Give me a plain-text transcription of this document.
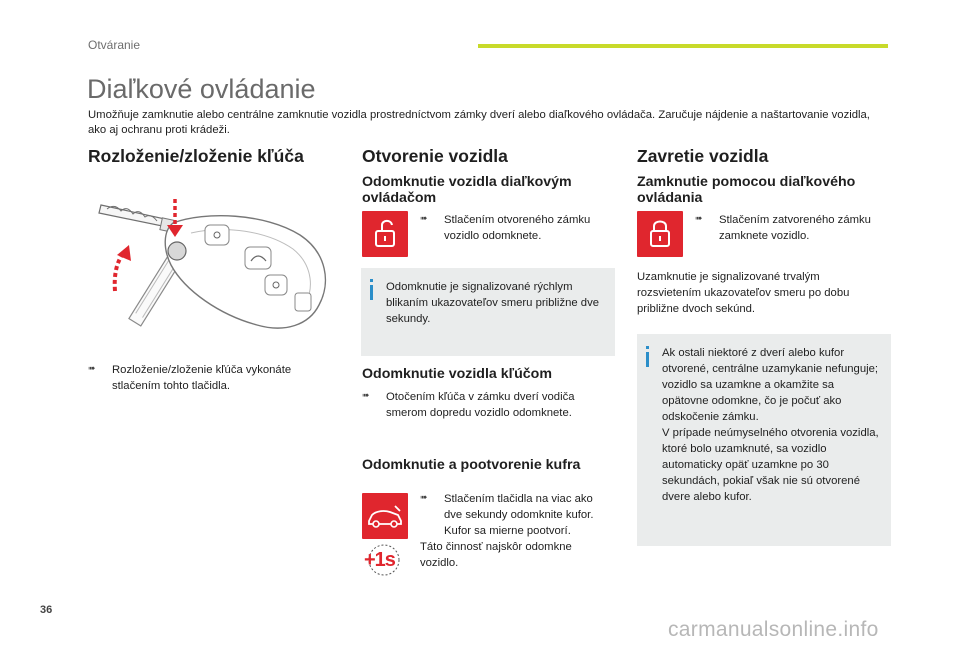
Otváranie
Diaľkové ovládanie
Umožňuje zamknutie alebo centrálne zamknutie vozidla prostredníctvom zámky dverí alebo diaľkového ovládača. Zaručuje nájdenie a naštartovanie vozidla, ako aj ochranu proti krádeži.
Rozloženie/zloženie kľúča
➠	Rozloženie/zloženie kľúča vykonáte stlačením tohto tlačidla.
Otvorenie vozidla
Odomknutie vozidla diaľkovým ovládačom
➠	Stlačením otvoreného zámku vozidlo odomknete.
Odomknutie je signalizované rýchlym blikaním ukazovateľov smeru približne dve sekundy.
Odomknutie vozidla kľúčom
➠	Otočením kľúča v zámku dverí vodiča smerom dopredu vozidlo odomknete.
Odomknutie a pootvorenie kufra
+1s
➠	Stlačením tlačidla na viac ako dve sekundy odomknite kufor. Kufor sa mierne pootvorí.
Táto činnosť najskôr odomkne vozidlo.
Zavretie vozidla
Zamknutie pomocou diaľkového ovládania
➠	Stlačením zatvoreného zámku zamknete vozidlo.
Uzamknutie je signalizované trvalým rozsvietením ukazovateľov smeru po dobu približne dvoch sekúnd.
Ak ostali niektoré z dverí alebo kufor otvorené, centrálne uzamykanie nefunguje; vozidlo sa uzamkne a okamžite sa opätovne odomkne, čo je počuť ako odskočenie zámku.
V prípade neúmyselného otvorenia vozidla, ktoré bolo uzamknuté, sa vozidlo automaticky opäť uzamkne po 30 sekundách, pokiaľ však nie sú otvorené dvere alebo kufor.
36
carmanualsonline.info
